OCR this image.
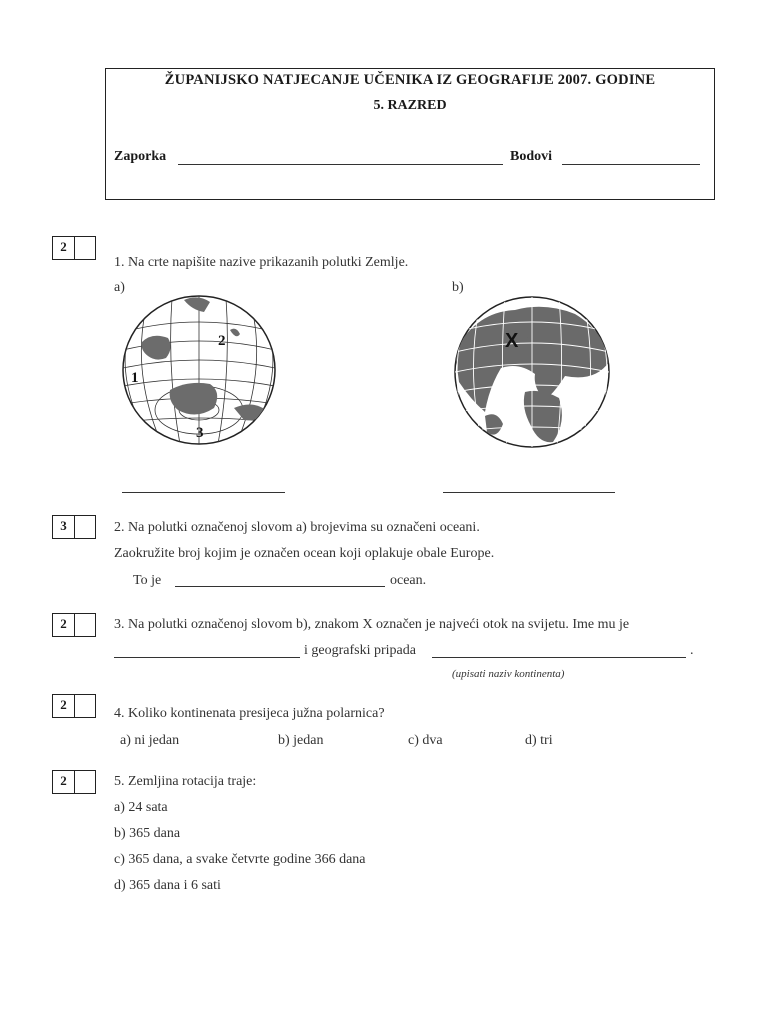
ŽUPANIJSKO NATJECANJE UČENIKA IZ GEOGRAFIJE 2007. GODINE
5. RAZRED
Zaporka	Bodovi
2
1. Na crte napišite nazive prikazanih polutki Zemlje.
a)	b)
1
2
3
X
3	2. Na polutki označenoj slovom a) brojevima su označeni oceani.
Zaokružite broj kojim je označen ocean koji oplakuje obale Europe.
To je	ocean.
2	3. Na polutki označenoj slovom b), znakom X označen je najveći otok na svijetu. Ime mu je
i geografski pripada	.
(upisati naziv kontinenta)
2
4. Koliko kontinenata presijeca južna polarnica?
a) ni jedan	b) jedan	c) dva	d) tri
2	5. Zemljina rotacija traje:
a) 24 sata
b) 365 dana
c) 365 dana, a svake četvrte godine 366 dana
d) 365 dana i 6 sati
